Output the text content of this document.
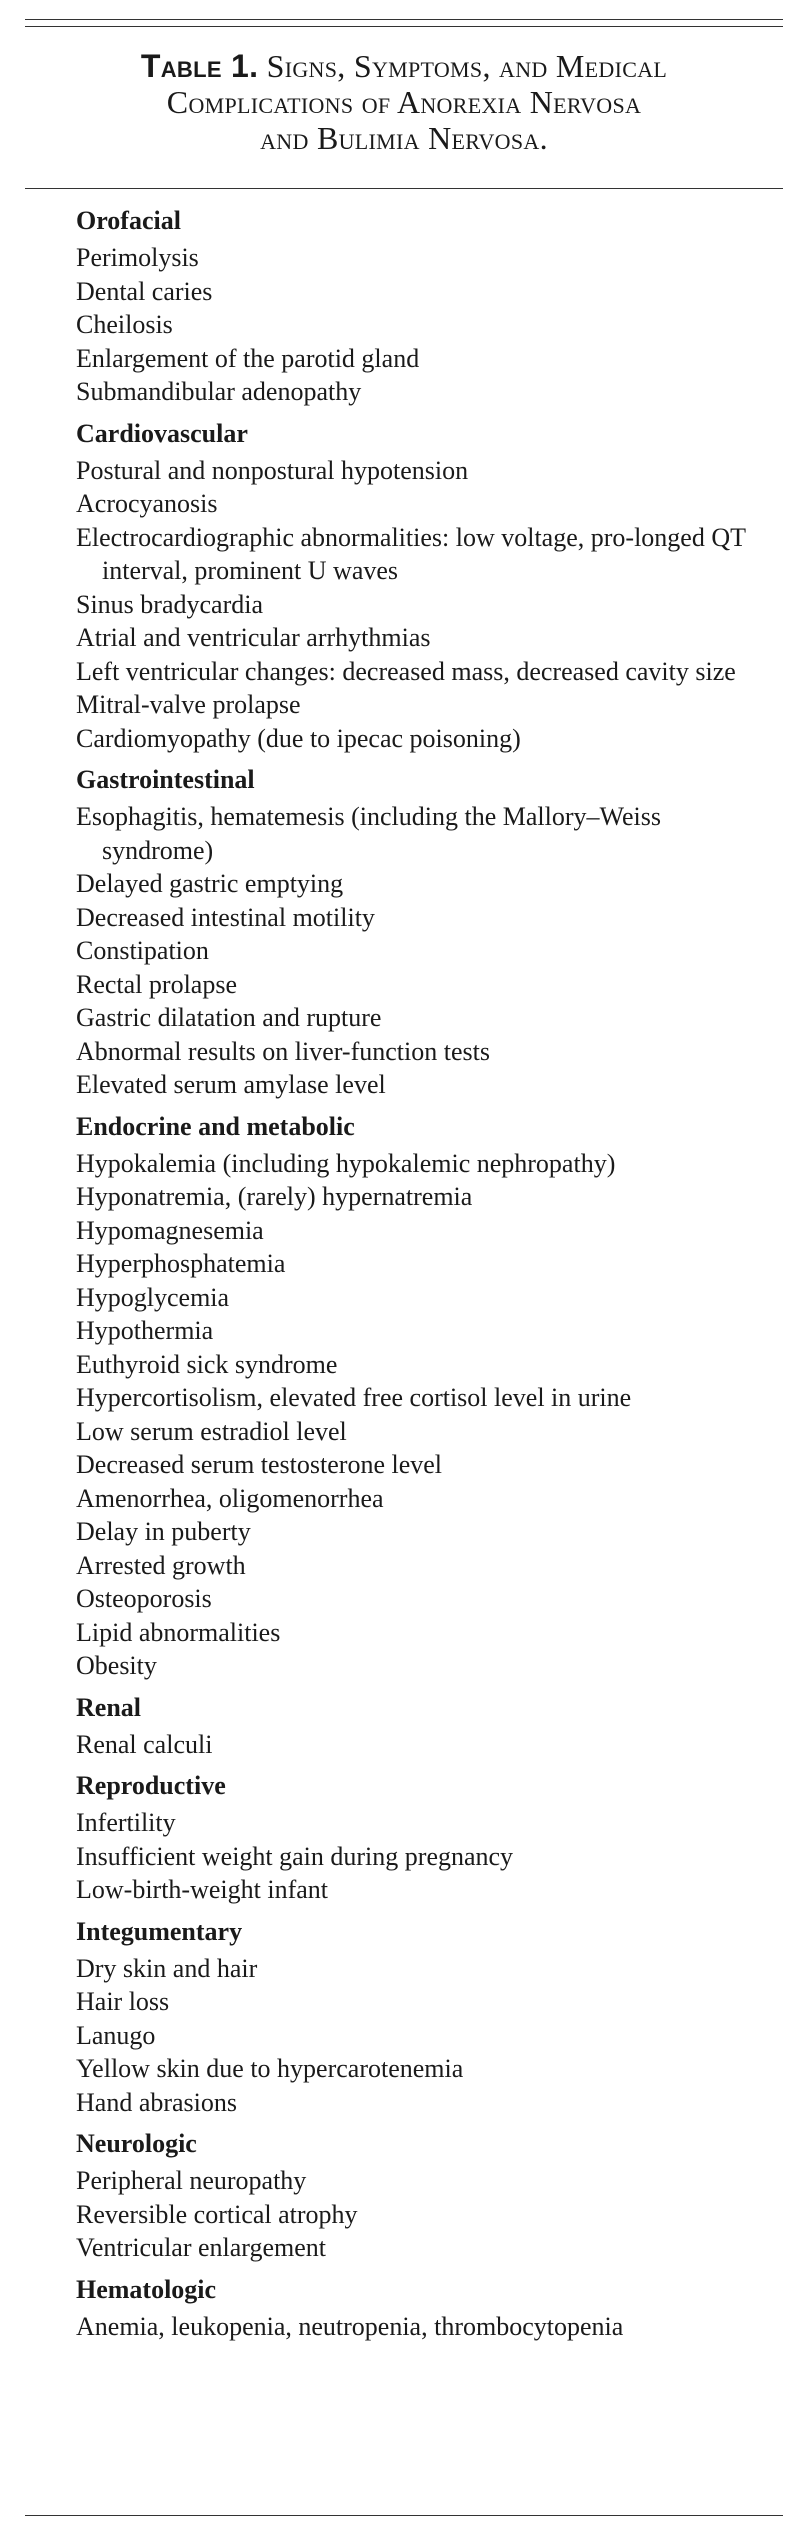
Table 1. Signs, Symptoms, and Medical
Complications of Anorexia Nervosa
and Bulimia Nervosa.
Orofacial
Perimolysis
Dental caries
Cheilosis
Enlargement of the parotid gland
Submandibular adenopathy
Cardiovascular
Postural and nonpostural hypotension
Acrocyanosis
Electrocardiographic abnormalities: low voltage, pro-longed QT interval, prominent U waves
Sinus bradycardia
Atrial and ventricular arrhythmias
Left ventricular changes: decreased mass, decreased cavity size
Mitral-valve prolapse
Cardiomyopathy (due to ipecac poisoning)
Gastrointestinal
Esophagitis, hematemesis (including the Mallory–Weiss syndrome)
Delayed gastric emptying
Decreased intestinal motility
Constipation
Rectal prolapse
Gastric dilatation and rupture
Abnormal results on liver-function tests
Elevated serum amylase level
Endocrine and metabolic
Hypokalemia (including hypokalemic nephropathy)
Hyponatremia, (rarely) hypernatremia
Hypomagnesemia
Hyperphosphatemia
Hypoglycemia
Hypothermia
Euthyroid sick syndrome
Hypercortisolism, elevated free cortisol level in urine
Low serum estradiol level
Decreased serum testosterone level
Amenorrhea, oligomenorrhea
Delay in puberty
Arrested growth
Osteoporosis
Lipid abnormalities
Obesity
Renal
Renal calculi
Reproductive
Infertility
Insufficient weight gain during pregnancy
Low-birth-weight infant
Integumentary
Dry skin and hair
Hair loss
Lanugo
Yellow skin due to hypercarotenemia
Hand abrasions
Neurologic
Peripheral neuropathy
Reversible cortical atrophy
Ventricular enlargement
Hematologic
Anemia, leukopenia, neutropenia, thrombocytopenia
